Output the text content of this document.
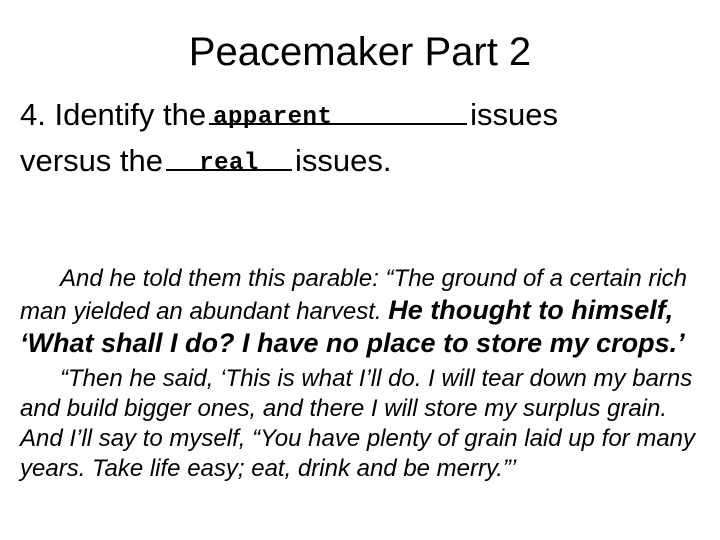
Peacemaker Part 2
4. Identify the apparent	issues
versus the	real	issues.

And he told them this parable: “The ground of a certain rich man yielded an abundant harvest. He thought to himself, ‘What shall I do? I have no place to store my crops.’

“Then he said, ‘This is what I’ll do. I will tear down my barns and build bigger ones, and there I will store my surplus grain. And I’ll say to myself, “You have plenty of grain laid up for many years. Take life easy; eat, drink and be merry.”’
